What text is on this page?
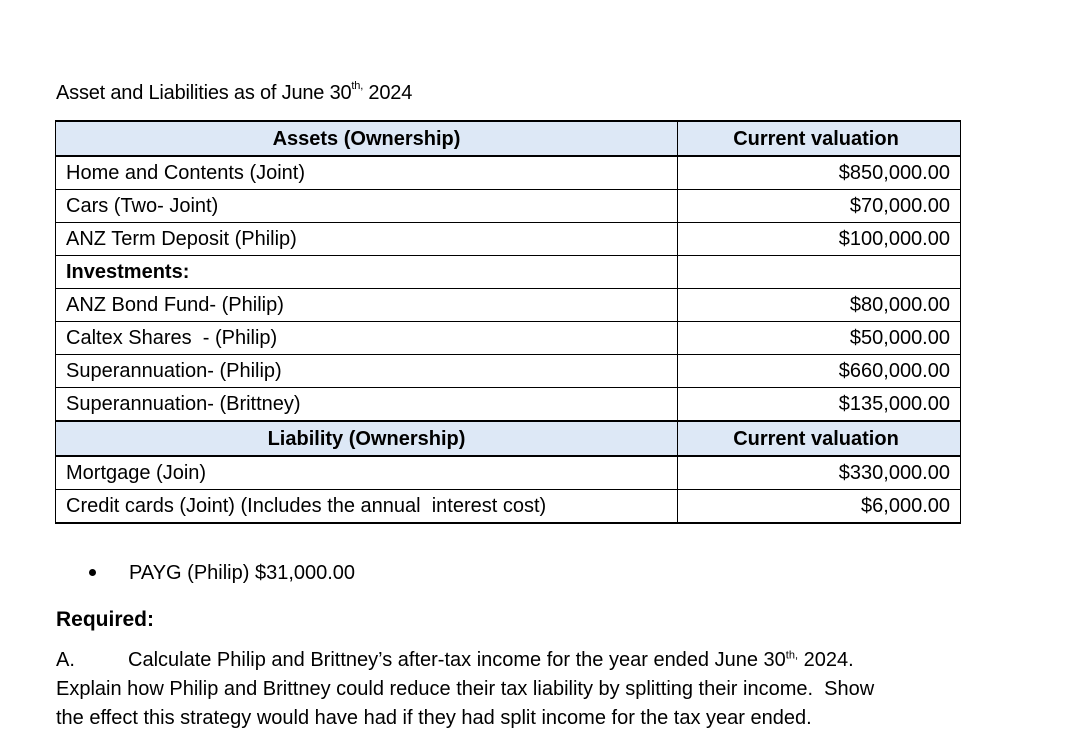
Asset and Liabilities as of June $30^{th,}$ 2024
Assets (Ownership)	Current valuation
Home and Contents (Joint)	$850,000.00
Cars (Two- Joint)	$70,000.00
ANZ Term Deposit (Philip)	$100,000.00
Investments:	
ANZ Bond Fund- (Philip)	$80,000.00
Caltex Shares  - (Philip)	$50,000.00
Superannuation- (Philip)	$660,000.00
Superannuation- (Brittney)	$135,000.00
Liability (Ownership)	Current valuation
Mortgage (Join)	$330,000.00
Credit cards (Joint) (Includes the annual  interest cost)	$6,000.00
PAYG (Philip) $31,000.00
Required:
A.	Calculate Philip and Brittney’s after-tax income for the year ended June $30^{th,}$ 2024.
Explain how Philip and Brittney could reduce their tax liability by splitting their income.  Show
the effect this strategy would have had if they had split income for the tax year ended.
